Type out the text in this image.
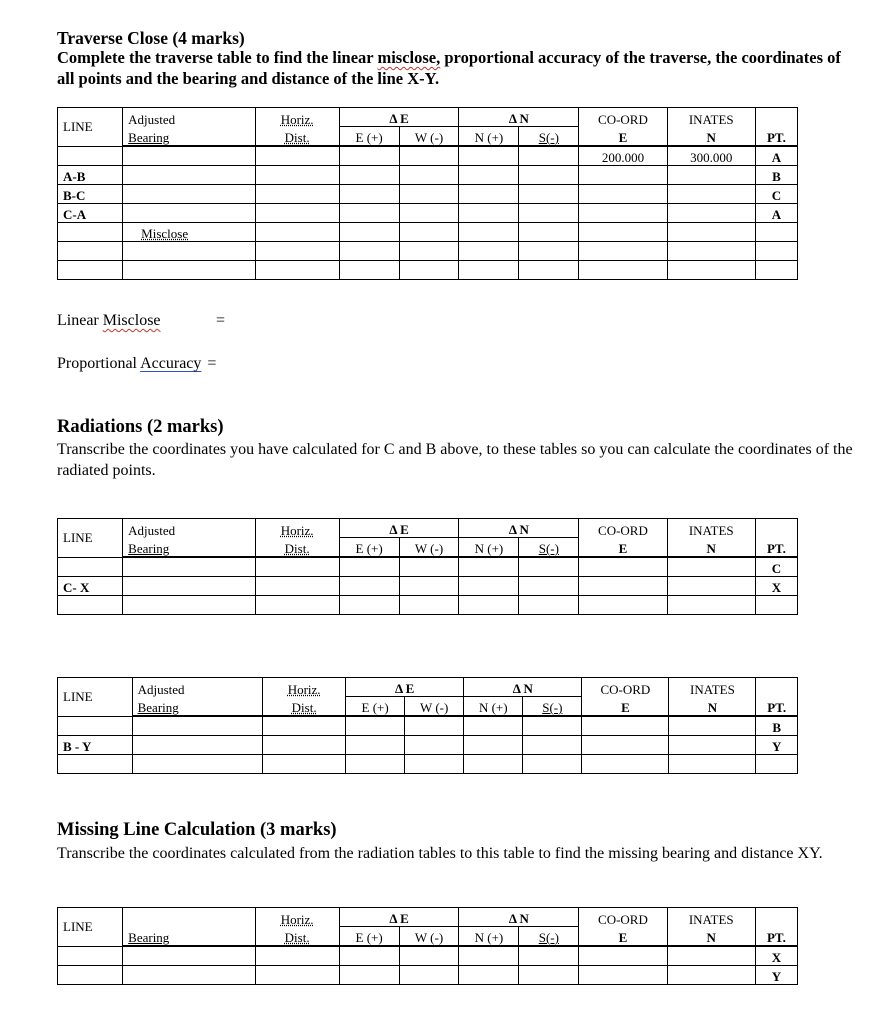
Traverse Close (4 marks)
Complete the traverse table to find the linear misclose, proportional accuracy of the traverse, the coordinates of all points and the bearing and distance of the line X-Y.
LINE	Adjusted	Horiz.	Δ E		Δ N		CO-ORD	INATES	
	Bearing	Dist.	E (+)	W (-)	N (+)	S(-)	E	N	PT.
							200.000	300.000	A
A-B									B
B-C									C
C-A									A
	Misclose								

Linear Misclose	=
Proportional Accuracy =
Radiations (2 marks)
Transcribe the coordinates you have calculated for C and B above, to these tables so you can calculate the coordinates of the radiated points.
LINE	Adjusted	Horiz.	Δ E		Δ N		CO-ORD	INATES	
	Bearing	Dist.	E (+)	W (-)	N (+)	S(-)	E	N	PT.
									C
C- X									X

LINE	Adjusted	Horiz.	Δ E		Δ N		CO-ORD	INATES	
	Bearing	Dist.	E (+)	W (-)	N (+)	S(-)	E	N	PT.
									B
B - Y									Y

Missing Line Calculation (3 marks)
Transcribe the coordinates calculated from the radiation tables to this table to find the missing bearing and distance XY.
LINE		Horiz.	Δ E		Δ N		CO-ORD	INATES	
	Bearing	Dist.	E (+)	W (-)	N (+)	S(-)	E	N	PT.
									X
									Y
